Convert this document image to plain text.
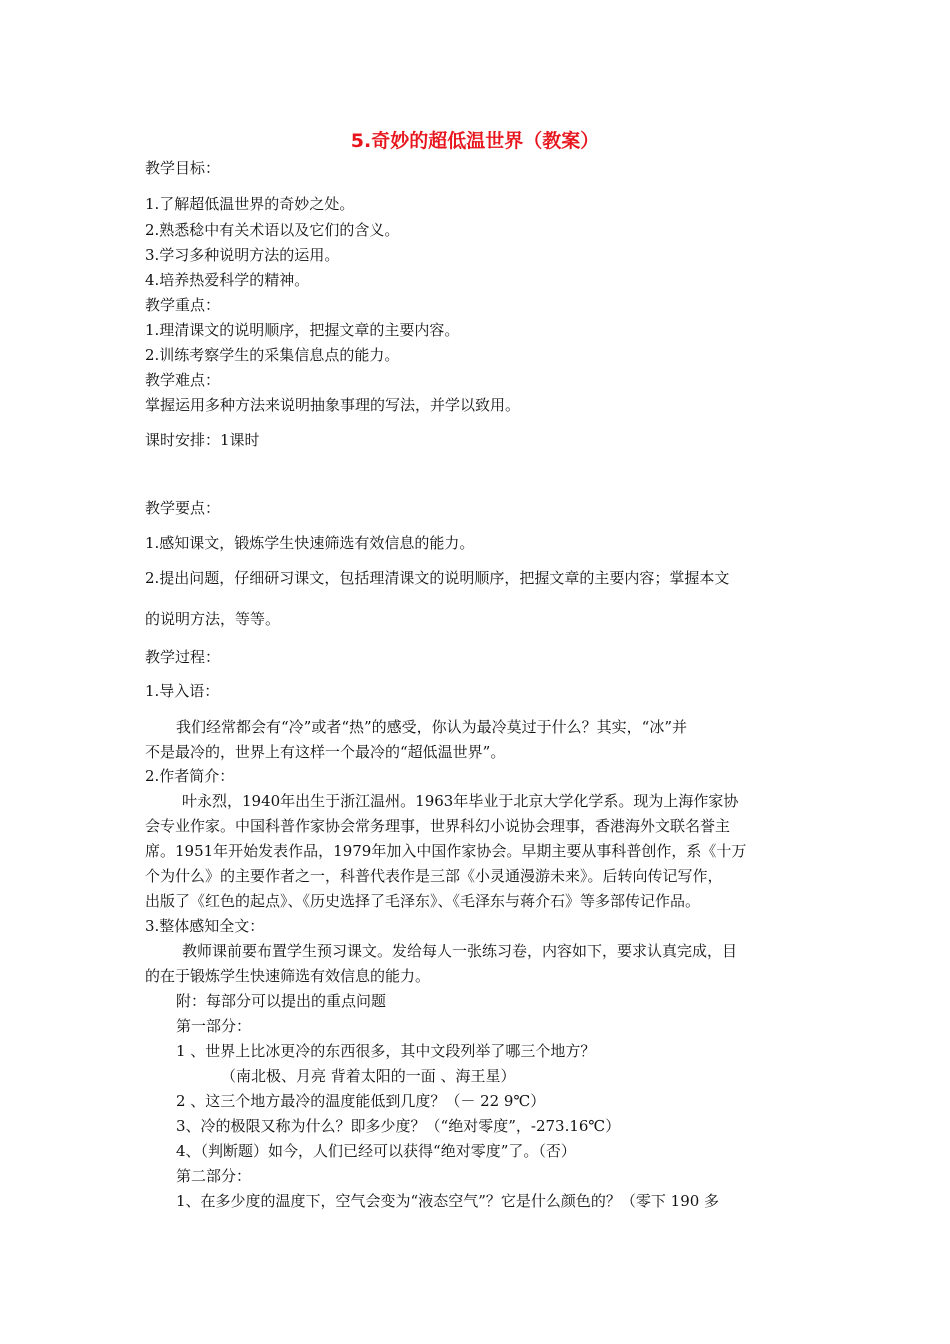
5.奇妙的超低温世界（教案）
教学目标：
1.了解超低温世界的奇妙之处。
2.熟悉稔中有关术语以及它们的含义。
3.学习多种说明方法的运用。
4.培养热爱科学的精神。
教学重点：
1.理清课文的说明顺序，把握文章的主要内容。
2.训练考察学生的采集信息点的能力。
教学难点：
掌握运用多种方法来说明抽象事理的写法，并学以致用。
课时安排：1课时
教学要点：
1.感知课文，锻炼学生快速筛选有效信息的能力。
2.提出问题，仔细研习课文，包括理清课文的说明顺序，把握文章的主要内容；掌握本文
的说明方法，等等。
教学过程：
1.导入语：
我们经常都会有“冷”或者“热”的感受，你认为最冷莫过于什么？其实，“冰”并
不是最冷的，世界上有这样一个最冷的“超低温世界”。
2.作者简介：
叶永烈，1940年出生于浙江温州。1963年毕业于北京大学化学系。现为上海作家协
会专业作家。中国科普作家协会常务理事，世界科幻小说协会理事，香港海外文联名誉主
席。1951年开始发表作品，1979年加入中国作家协会。早期主要从事科普创作，系《十万
个为什么》的主要作者之一，科普代表作是三部《小灵通漫游未来》。后转向传记写作，
出版了《红色的起点》、《历史选择了毛泽东》、《毛泽东与蒋介石》等多部传记作品。
3.整体感知全文：
教师课前要布置学生预习课文。发给每人一张练习卷，内容如下，要求认真完成，目
的在于锻炼学生快速筛选有效信息的能力。
附：每部分可以提出的重点问题
第一部分：
1 、世界上比冰更冷的东西很多，其中文段列举了哪三个地方？
（南北极、月亮 背着太阳的一面 、海王星）
2 、这三个地方最冷的温度能低到几度？（－ 22 9℃）
3、冷的极限又称为什么？即多少度？（“绝对零度”，-273.16℃）
4、（判断题）如今，人们已经可以获得“绝对零度”了。（否）
第二部分：
1、在多少度的温度下，空气会变为“液态空气”？它是什么颜色的？（零下 190 多
